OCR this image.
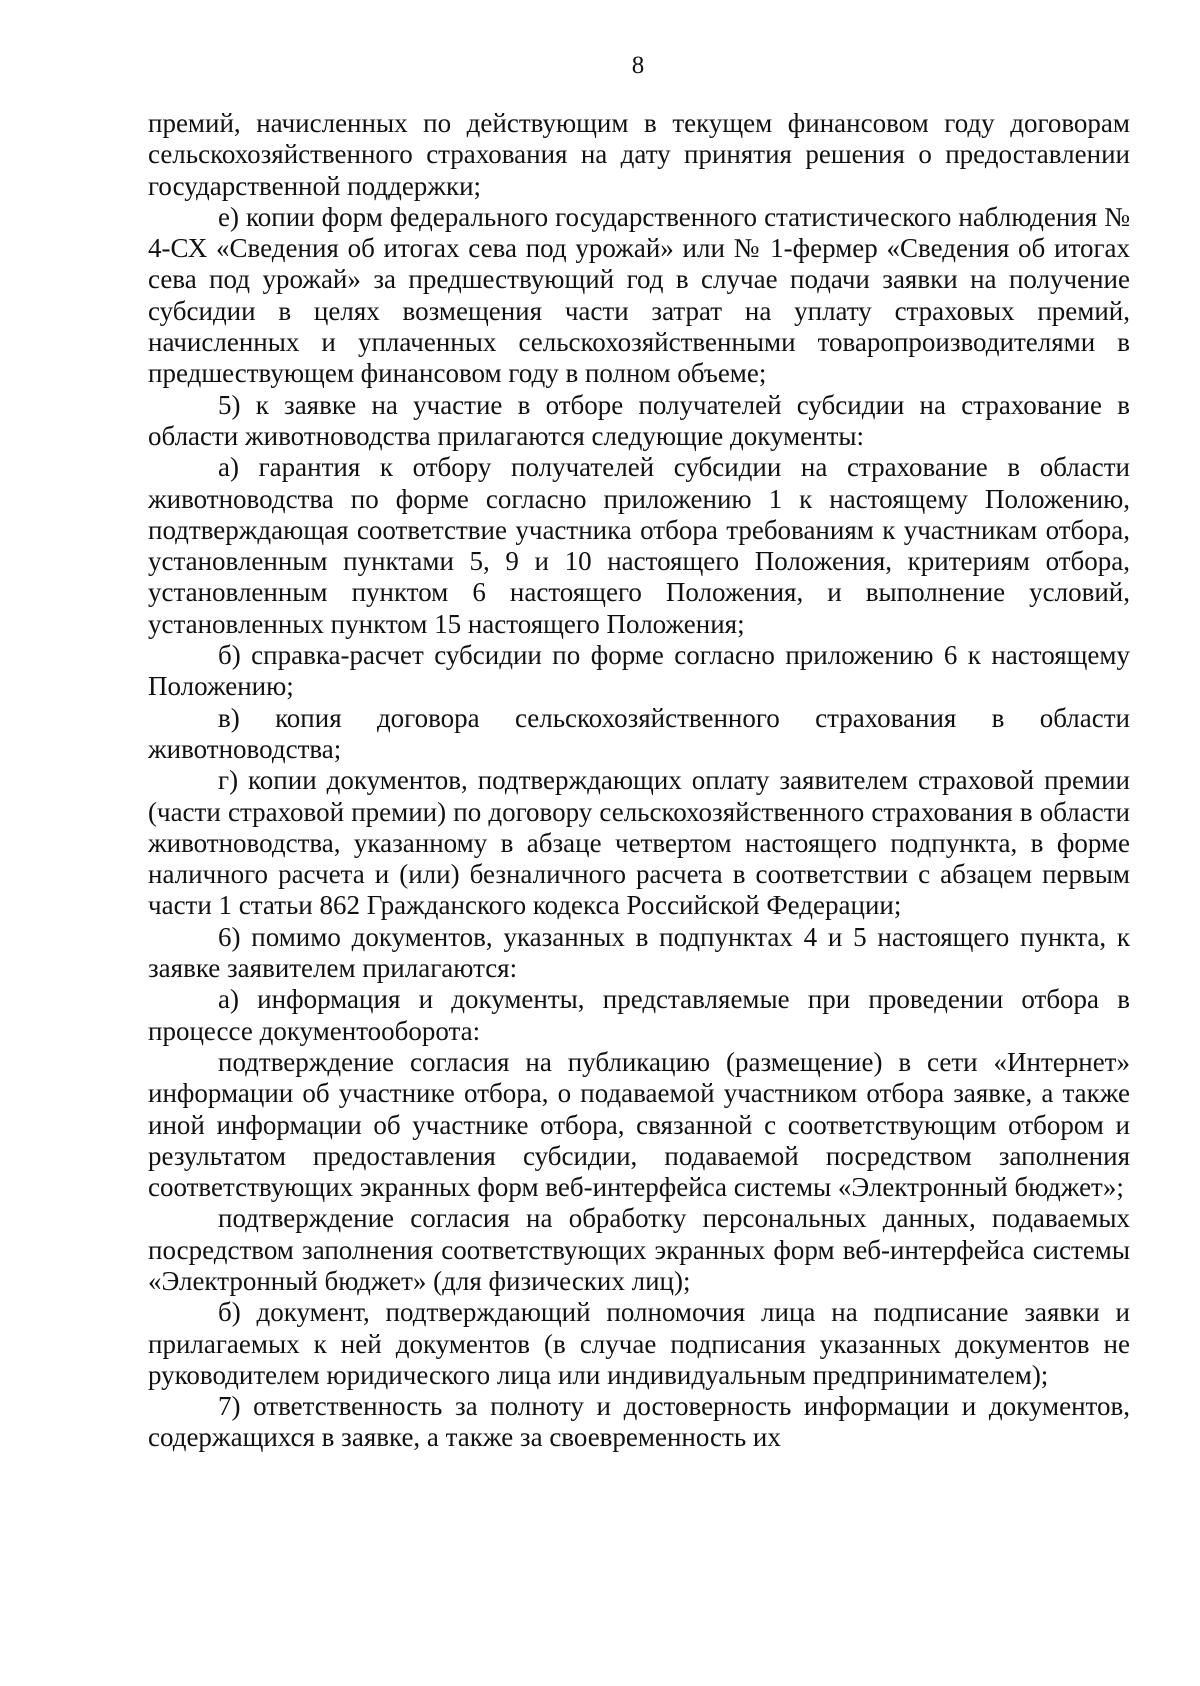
8

премий, начисленных по действующим в текущем финансовом году договорам сельскохозяйственного страхования на дату принятия решения о предоставлении государственной поддержки;

е) копии форм федерального государственного статистического наблюдения № 4-СХ «Сведения об итогах сева под урожай» или № 1-фермер «Сведения об итогах сева под урожай» за предшествующий год в случае подачи заявки на получение субсидии в целях возмещения части затрат на уплату страховых премий, начисленных и уплаченных сельскохозяйственными товаропроизводителями в предшествующем финансовом году в полном объеме;

5) к заявке на участие в отборе получателей субсидии на страхование в области животноводства прилагаются следующие документы:

а) гарантия к отбору получателей субсидии на страхование в области животноводства по форме согласно приложению 1 к настоящему Положению, подтверждающая соответствие участника отбора требованиям к участникам отбора, установленным пунктами 5, 9 и 10 настоящего Положения, критериям отбора, установленным пунктом 6 настоящего Положения, и выполнение условий, установленных пунктом 15 настоящего Положения;

б) справка-расчет субсидии по форме согласно приложению 6 к настоящему Положению;

в) копия договора сельскохозяйственного страхования в области животноводства;

г) копии документов, подтверждающих оплату заявителем страховой премии (части страховой премии) по договору сельскохозяйственного страхования в области животноводства, указанному в абзаце четвертом настоящего подпункта, в форме наличного расчета и (или) безналичного расчета в соответствии с абзацем первым части 1 статьи 862 Гражданского кодекса Российской Федерации;

6) помимо документов, указанных в подпунктах 4 и 5 настоящего пункта, к заявке заявителем прилагаются:

а) информация и документы, представляемые при проведении отбора в процессе документооборота:

подтверждение согласия на публикацию (размещение) в сети «Интернет» информации об участнике отбора, о подаваемой участником отбора заявке, а также иной информации об участнике отбора, связанной с соответствующим отбором и результатом предоставления субсидии, подаваемой посредством заполнения соответствующих экранных форм веб-интерфейса системы «Электронный бюджет»;

подтверждение согласия на обработку персональных данных, подаваемых посредством заполнения соответствующих экранных форм веб-интерфейса системы «Электронный бюджет» (для физических лиц);

б) документ, подтверждающий полномочия лица на подписание заявки и прилагаемых к ней документов (в случае подписания указанных документов не руководителем юридического лица или индивидуальным предпринимателем);

7) ответственность за полноту и достоверность информации и документов, содержащихся в заявке, а также за своевременность их
